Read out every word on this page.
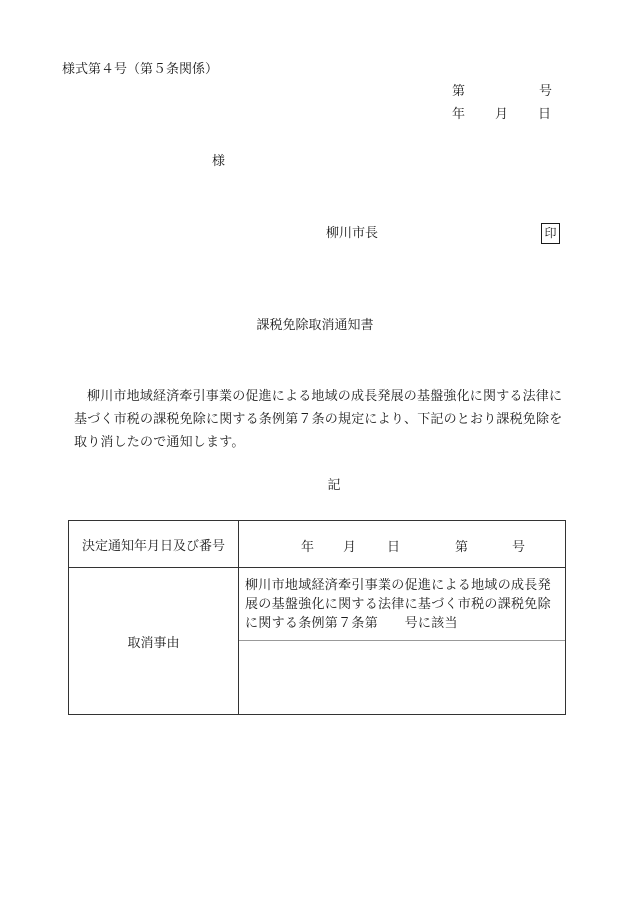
様式第４号（第５条関係）
第	号
年 月 日
様
柳川市長	印
課税免除取消通知書
柳川市地域経済牽引事業の促進による地域の成長発展の基盤強化に関する法律に基づく市税の課税免除に関する条例第７条の規定により、下記のとおり課税免除を取り消したので通知します。
記
決定通知年月日及び番号	年 月 日 第 号

取消事由	柳川市地域経済牽引事業の促進による地域の成長発展の基盤強化に関する法律に基づく市税の課税免除に関する条例第７条第　　号に該当
